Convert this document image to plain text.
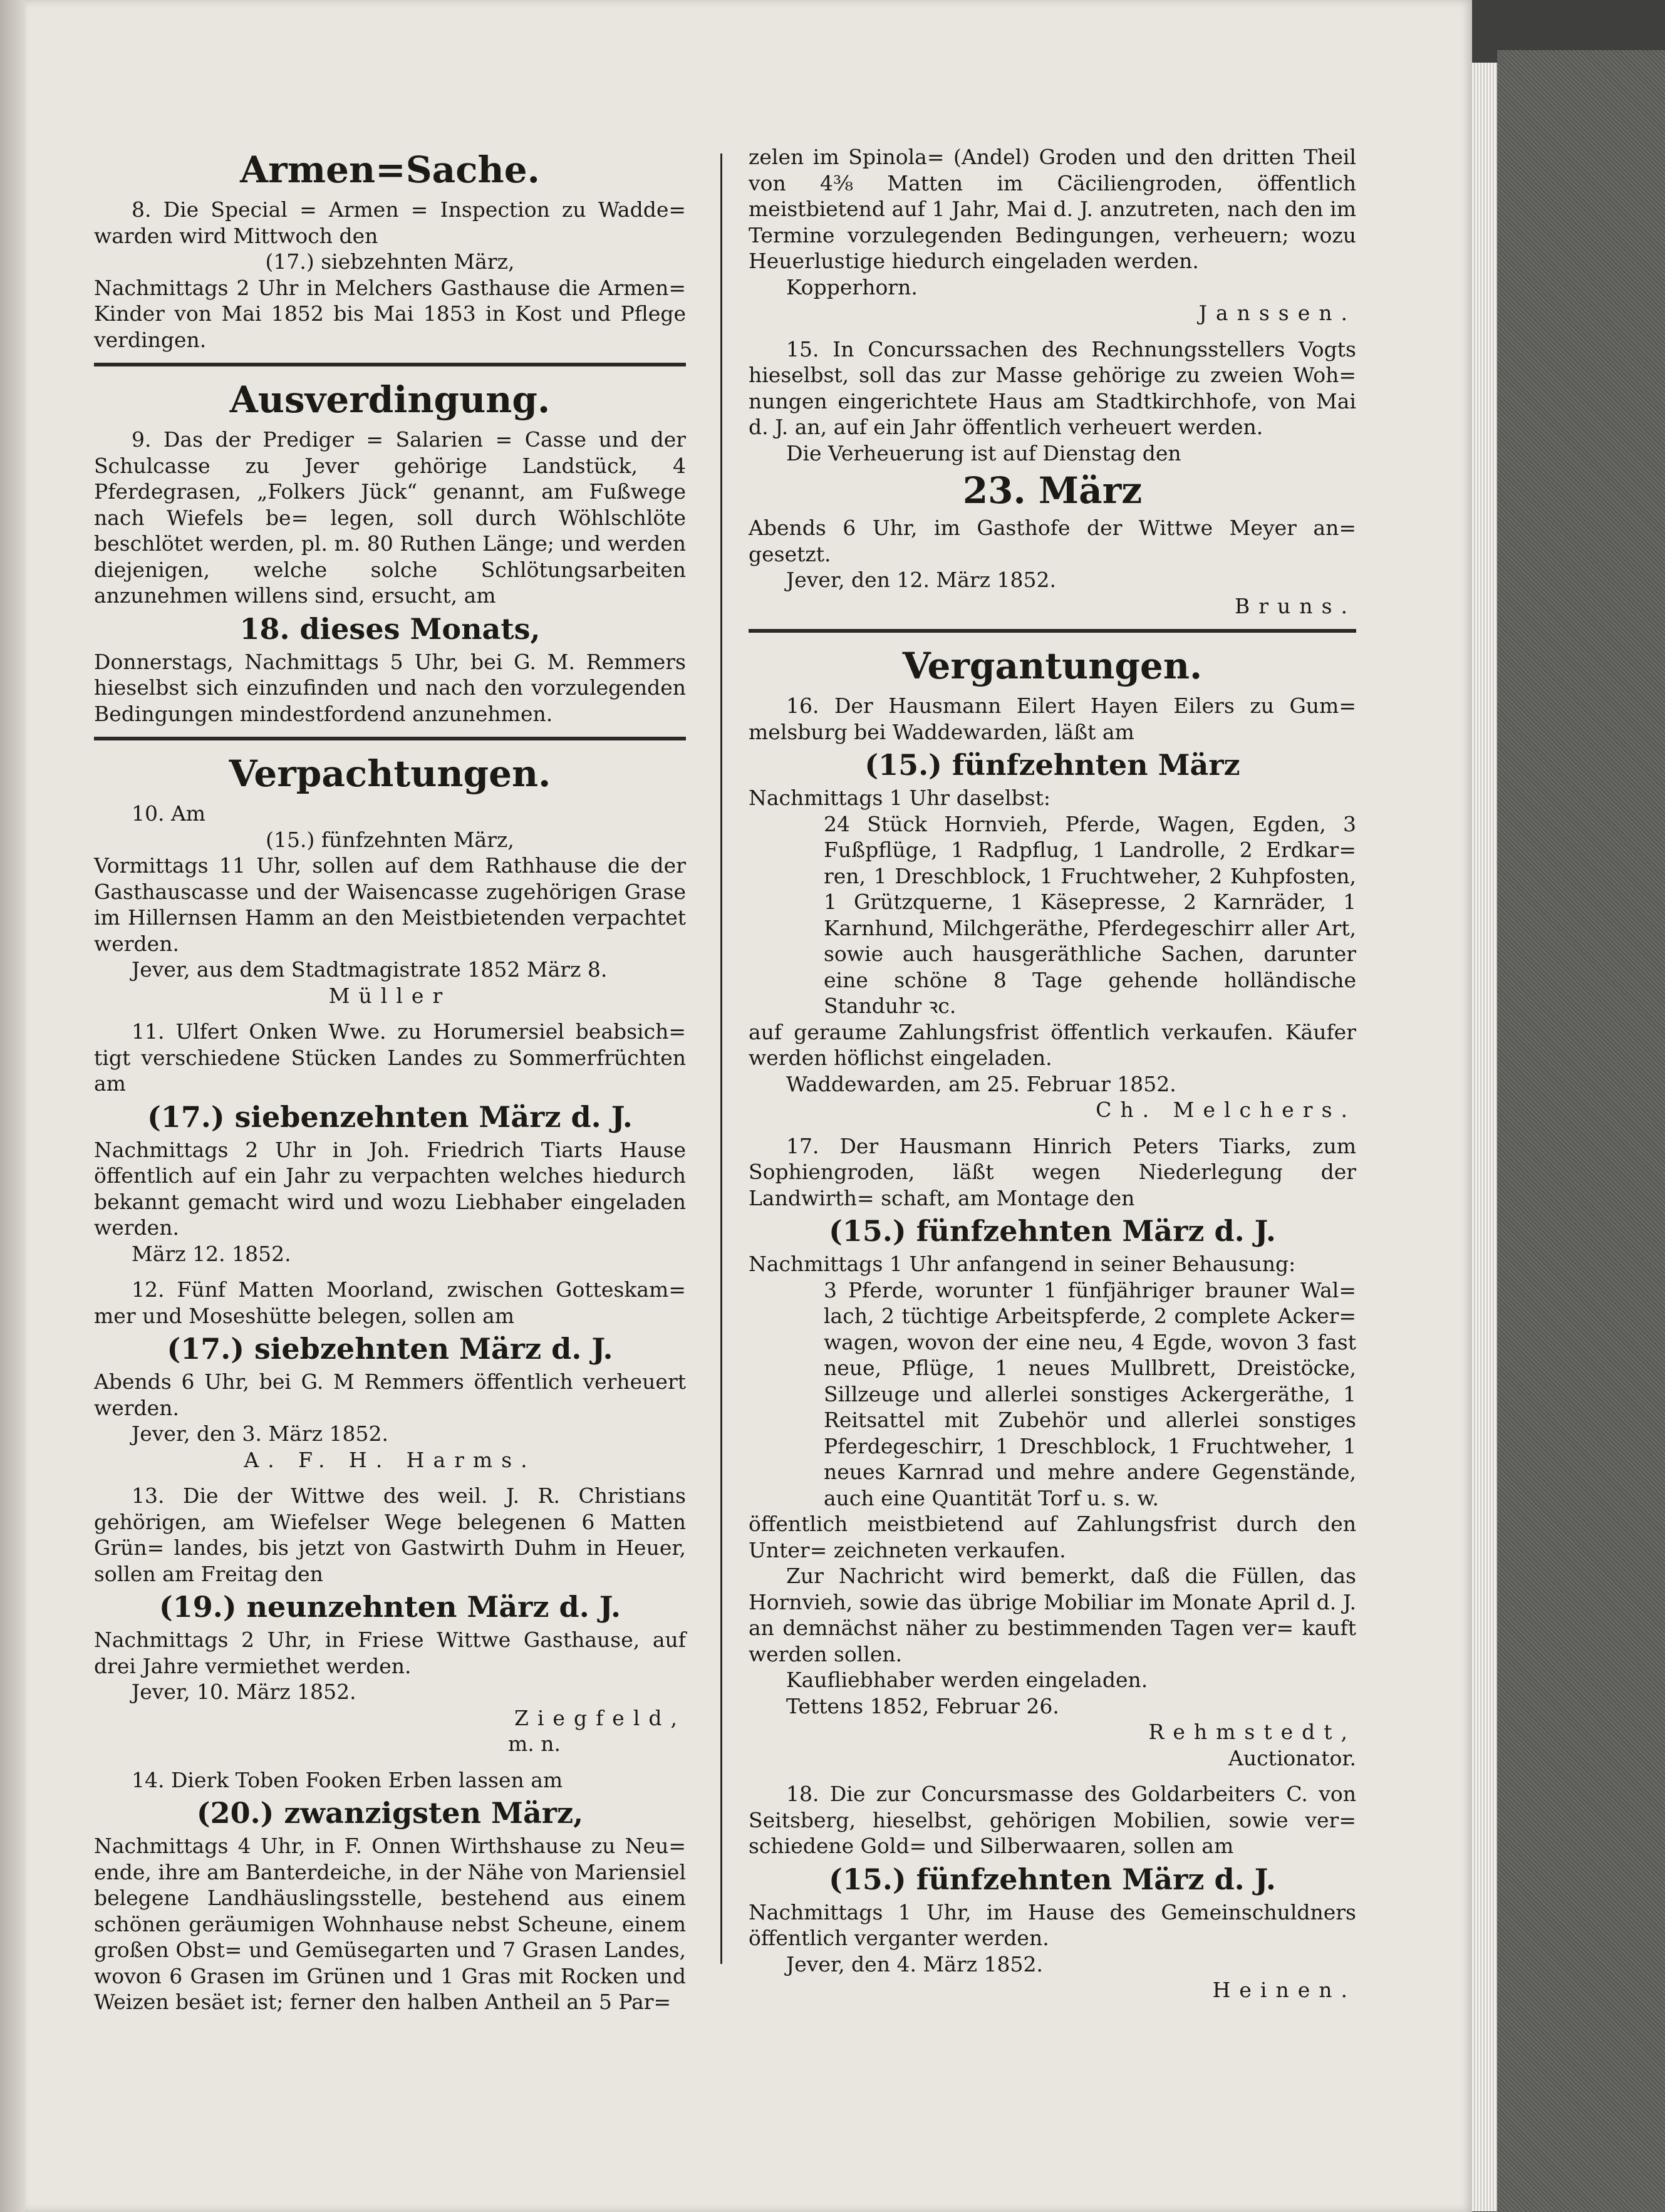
Armen=Sache.

8. Die Special = Armen = Inspection zu Wadde= warden wird Mittwoch den

(17.) siebzehnten März,

Nachmittags 2 Uhr in Melchers Gasthause die Armen= Kinder von Mai 1852 bis Mai 1853 in Kost und Pflege verdingen.

Ausverdingung.

9. Das der Prediger = Salarien = Casse und der Schulcasse zu Jever gehörige Landstück, 4 Pferdegrasen, „Folkers Jück“ genannt, am Fußwege nach Wiefels be= legen, soll durch Wöhlschlöte beschlötet werden, pl. m. 80 Ruthen Länge; und werden diejenigen, welche solche Schlötungsarbeiten anzunehmen willens sind, ersucht, am

18. dieses Monats,

Donnerstags, Nachmittags 5 Uhr, bei G. M. Remmers hieselbst sich einzufinden und nach den vorzulegenden Bedingungen mindestfordend anzunehmen.

Verpachtungen.

10. Am

(15.) fünfzehnten März,

Vormittags 11 Uhr, sollen auf dem Rathhause die der Gasthauscasse und der Waisencasse zugehörigen Grase im Hillernsen Hamm an den Meistbietenden verpachtet werden.

Jever, aus dem Stadtmagistrate 1852 März 8.

Müller

11. Ulfert Onken Wwe. zu Horumersiel beabsich= tigt verschiedene Stücken Landes zu Sommerfrüchten am

(17.) siebenzehnten März d. J.

Nachmittags 2 Uhr in Joh. Friedrich Tiarts Hause öffentlich auf ein Jahr zu verpachten welches hiedurch bekannt gemacht wird und wozu Liebhaber eingeladen werden.

März 12. 1852.

12. Fünf Matten Moorland, zwischen Gotteskam= mer und Moseshütte belegen, sollen am

(17.) siebzehnten März d. J.

Abends 6 Uhr, bei G. M Remmers öffentlich verheuert werden.

Jever, den 3. März 1852.

A. F. H. Harms.

13. Die der Wittwe des weil. J. R. Christians gehörigen, am Wiefelser Wege belegenen 6 Matten Grün= landes, bis jetzt von Gastwirth Duhm in Heuer, sollen am Freitag den

(19.) neunzehnten März d. J.

Nachmittags 2 Uhr, in Friese Wittwe Gasthause, auf drei Jahre vermiethet werden.

Jever, 10. März 1852.

Ziegfeld,

m. n.

14. Dierk Toben Fooken Erben lassen am

(20.) zwanzigsten März,

Nachmittags 4 Uhr, in F. Onnen Wirthshause zu Neu= ende, ihre am Banterdeiche, in der Nähe von Mariensiel belegene Landhäuslingsstelle, bestehend aus einem schönen geräumigen Wohnhause nebst Scheune, einem großen Obst= und Gemüsegarten und 7 Grasen Landes, wovon 6 Grasen im Grünen und 1 Gras mit Rocken und Weizen besäet ist; ferner den halben Antheil an 5 Par=

zelen im Spinola= (Andel) Groden und den dritten Theil von 4⅜ Matten im Cäciliengroden, öffentlich meistbietend auf 1 Jahr, Mai d. J. anzutreten, nach den im Termine vorzulegenden Bedingungen, verheuern; wozu Heuerlustige hiedurch eingeladen werden.

Kopperhorn.

Janssen.

15. In Concurssachen des Rechnungsstellers Vogts hieselbst, soll das zur Masse gehörige zu zweien Woh= nungen eingerichtete Haus am Stadtkirchhofe, von Mai d. J. an, auf ein Jahr öffentlich verheuert werden.

Die Verheuerung ist auf Dienstag den

23. März

Abends 6 Uhr, im Gasthofe der Wittwe Meyer an= gesetzt.

Jever, den 12. März 1852.

Bruns.

Vergantungen.

16. Der Hausmann Eilert Hayen Eilers zu Gum= melsburg bei Waddewarden, läßt am

(15.) fünfzehnten März

Nachmittags 1 Uhr daselbst:

24 Stück Hornvieh, Pferde, Wagen, Egden, 3 Fußpflüge, 1 Radpflug, 1 Landrolle, 2 Erdkar= ren, 1 Dreschblock, 1 Fruchtweher, 2 Kuhpfosten, 1 Grützquerne, 1 Käsepresse, 2 Karnräder, 1 Karnhund, Milchgeräthe, Pferdegeschirr aller Art, sowie auch hausgeräthliche Sachen, darunter eine schöne 8 Tage gehende holländische Standuhr ꝛc.

auf geraume Zahlungsfrist öffentlich verkaufen. Käufer werden höflichst eingeladen.

Waddewarden, am 25. Februar 1852.

Ch. Melchers.

17. Der Hausmann Hinrich Peters Tiarks, zum Sophiengroden, läßt wegen Niederlegung der Landwirth= schaft, am Montage den

(15.) fünfzehnten März d. J.

Nachmittags 1 Uhr anfangend in seiner Behausung:

3 Pferde, worunter 1 fünfjähriger brauner Wal= lach, 2 tüchtige Arbeitspferde, 2 complete Acker= wagen, wovon der eine neu, 4 Egde, wovon 3 fast neue, Pflüge, 1 neues Mullbrett, Dreistöcke, Sillzeuge und allerlei sonstiges Ackergeräthe, 1 Reitsattel mit Zubehör und allerlei sonstiges Pferdegeschirr, 1 Dreschblock, 1 Fruchtweher, 1 neues Karnrad und mehre andere Gegenstände, auch eine Quantität Torf u. s. w.

öffentlich meistbietend auf Zahlungsfrist durch den Unter= zeichneten verkaufen.

Zur Nachricht wird bemerkt, daß die Füllen, das Hornvieh, sowie das übrige Mobiliar im Monate April d. J. an demnächst näher zu bestimmenden Tagen ver= kauft werden sollen.

Kaufliebhaber werden eingeladen.

Tettens 1852, Februar 26.

Rehmstedt,

Auctionator.

18. Die zur Concursmasse des Goldarbeiters C. von Seitsberg, hieselbst, gehörigen Mobilien, sowie ver= schiedene Gold= und Silberwaaren, sollen am

(15.) fünfzehnten März d. J.

Nachmittags 1 Uhr, im Hause des Gemeinschuldners öffentlich verganter werden.

Jever, den 4. März 1852.

Heinen.
